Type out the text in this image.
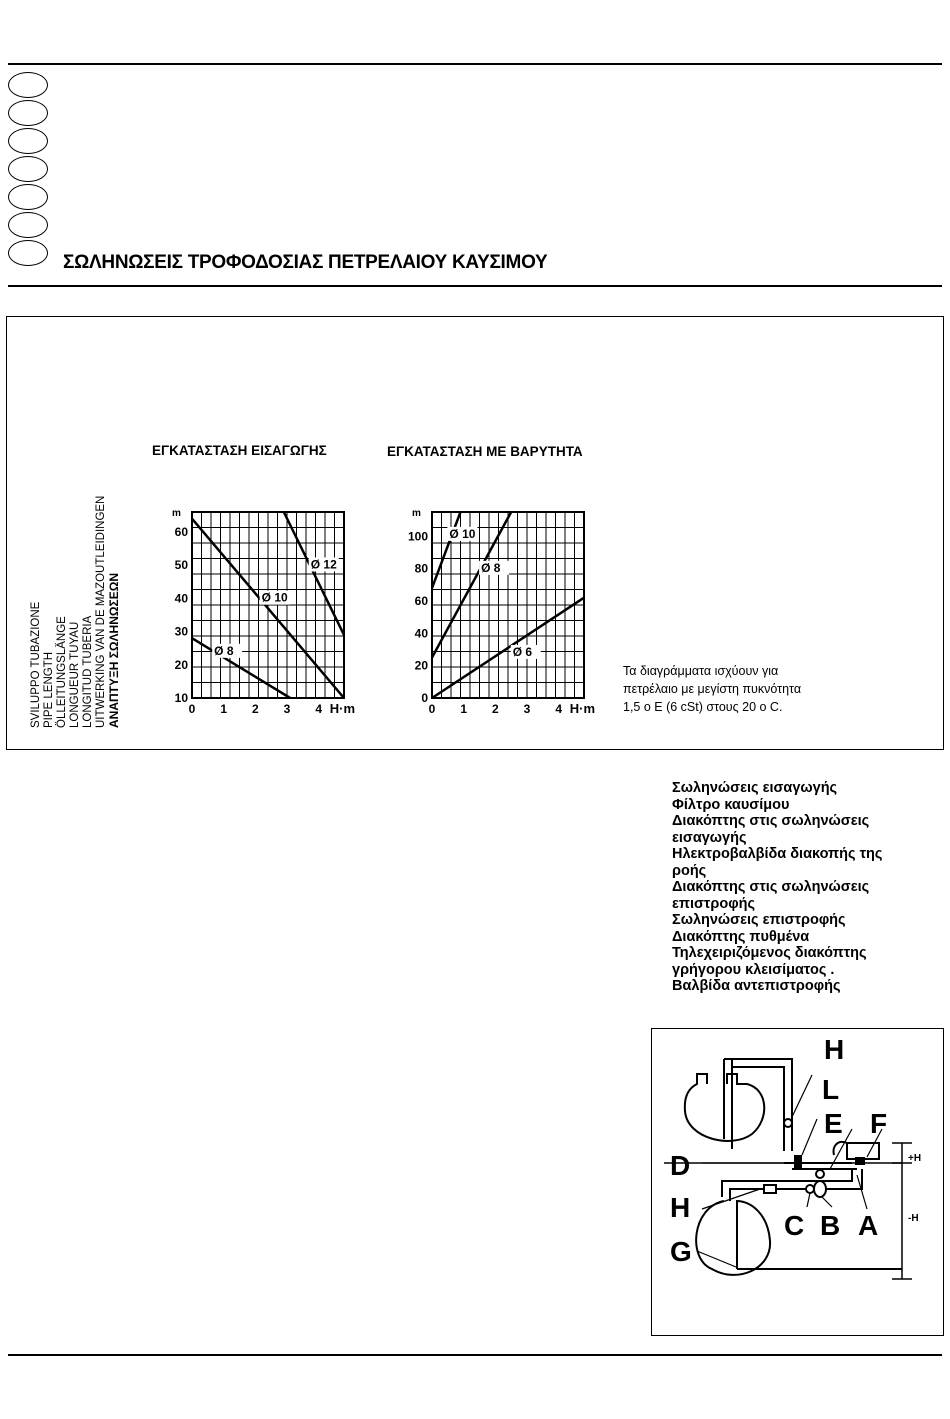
ΣΩΛΗΝΩΣΕΙΣ ΤΡΟΦΟΔΟΣΙΑΣ ΠΕΤΡΕΛΑΙΟΥ ΚΑΥΣΙΜΟΥ
ΕΓΚΑΤΑΣΤΑΣΗ ΕΙΣΑΓΩΓΗΣ	ΕΓΚΑΤΑΣΤΑΣΗ ΜΕ ΒΑΡΥΤΗΤΑ
SVILUPPO TUBAZIONE PIPE LENGTH ÖLLEITUNGSLÄNGE LONGUEUR TUYAU LONGITUD TUBERIA UITWERKING VAN DE MAZOUTLEIDINGEN ΑΝΑΠΤΥΞΗ ΣΩΛΗΝΩΣΕΩΝ
m
10
20
30
40
50
60
0 1 2 3 4 H·m
Ø 12
Ø 10
Ø 8
m
0
20
40
60
80
100
0 1 2 3 4 H·m
Ø 10
Ø 8
Ø 6
Τα διαγράμματα ισχύουν για
πετρέλαιο με μεγίστη πυκνότητα
1,5 ο E (6 cSt) στους 20 ο C.
Σωληνώσεις εισαγωγής
Φίλτρο καυσίμου
Διακόπτης στις σωληνώσεις
εισαγωγής
Ηλεκτροβαλβίδα διακοπής της
ροής
Διακόπτης στις σωληνώσεις
επιστροφής
Σωληνώσεις επιστροφής
Διακόπτης πυθμένα
Τηλεχειριζόμενος διακόπτης
γρήγορου κλεισίματος .
Βαλβίδα αντεπιστροφής
H
L
E F
D
H
C B A
G
+H
-H
